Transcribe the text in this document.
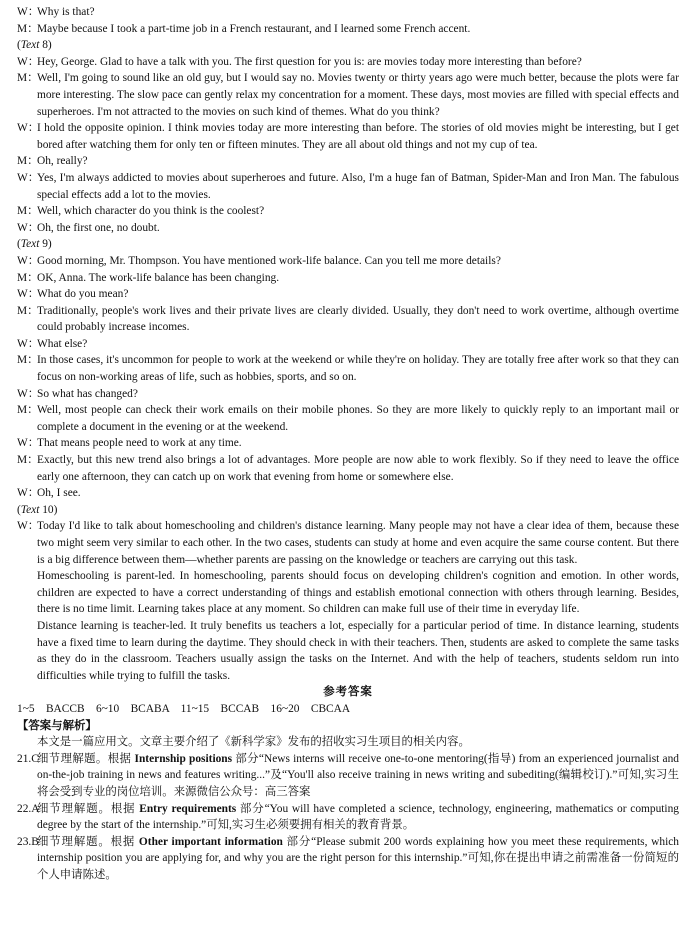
W：
Why is that?
M：
Maybe because I took a part-time job in a French restaurant, and I learned some French accent.
(Text 8)
W：
Hey, George. Glad to have a talk with you. The first question for you is: are movies today more interesting than before?
M：
Well, I'm going to sound like an old guy, but I would say no. Movies twenty or thirty years ago were much better, because the plots were far more interesting. The slow pace can gently relax my concentration for a moment. These days, most movies are filled with special effects and superheroes. I'm not attracted to the movies on such kind of themes. What do you think?
W：
I hold the opposite opinion. I think movies today are more interesting than before. The stories of old movies might be interesting, but I get bored after watching them for only ten or fifteen minutes. They are all about old things and not my cup of tea.
M：
Oh, really?
W：
Yes, I'm always addicted to movies about superheroes and future. Also, I'm a huge fan of Batman, Spider-Man and Iron Man. The fabulous special effects add a lot to the movies.
M：
Well, which character do you think is the coolest?
W：
Oh, the first one, no doubt.
(Text 9)
W：
Good morning, Mr. Thompson. You have mentioned work-life balance. Can you tell me more details?
M：
OK, Anna. The work-life balance has been changing.
W：
What do you mean?
M：
Traditionally, people's work lives and their private lives are clearly divided. Usually, they don't need to work overtime, although overtime could probably increase incomes.
W：
What else?
M：
In those cases, it's uncommon for people to work at the weekend or while they're on holiday. They are totally free after work so that they can focus on non-working areas of life, such as hobbies, sports, and so on.
W：
So what has changed?
M：
Well, most people can check their work emails on their mobile phones. So they are more likely to quickly reply to an important mail or complete a document in the evening or at the weekend.
W：
That means people need to work at any time.
M：
Exactly, but this new trend also brings a lot of advantages. More people are now able to work flexibly. So if they need to leave the office early one afternoon, they can catch up on work that evening from home or somewhere else.
W：
Oh, I see.
(Text 10)
W：
Today I'd like to talk about homeschooling and children's distance learning. Many people may not have a clear idea of them, because these two might seem very similar to each other. In the two cases, students can study at home and even acquire the same course content. But there is a big difference between them—whether parents are passing on the knowledge or teachers are carrying out this task.
Homeschooling is parent-led. In homeschooling, parents should focus on developing children's cognition and emotion. In other words, children are expected to have a correct understanding of things and establish emotional connection with others through learning. Besides, there is no time limit. Learning takes place at any moment. So children can make full use of their time in everyday life.
Distance learning is teacher-led. It truly benefits us teachers a lot, especially for a particular period of time. In distance learning, students have a fixed time to learn during the daytime. They should check in with their teachers. Then, students are asked to complete the same tasks as they do in the classroom. Teachers usually assign the tasks on the Internet. And with the help of teachers, students seldom run into difficulties while trying to fulfill the tasks.
参考答案
1~5　BACCB　6~10　BCABA　11~15　BCCAB　16~20　CBCAA
【答案与解析】
本文是一篇应用文。文章主要介绍了《新科学家》发布的招收实习生项目的相关内容。
21.C
细节理解题。根据 Internship positions 部分“News interns will receive one-to-one mentoring(指导) from an experienced journalist and on-the-job training in news and features writing...”及“You'll also receive training in news writing and subediting(编辑校订).”可知,实习生将会受到专业的岗位培训。来源微信公众号：高三答案
22.A
细节理解题。根据 Entry requirements 部分“You will have completed a science, technology, engineering, mathematics or computing degree by the start of the internship.”可知,实习生必须要拥有相关的教育背景。
23.B
细节理解题。根据 Other important information 部分“Please submit 200 words explaining how you meet these requirements, which internship position you are applying for, and why you are the right person for this internship.”可知,你在提出申请之前需准备一份简短的个人申请陈述。
